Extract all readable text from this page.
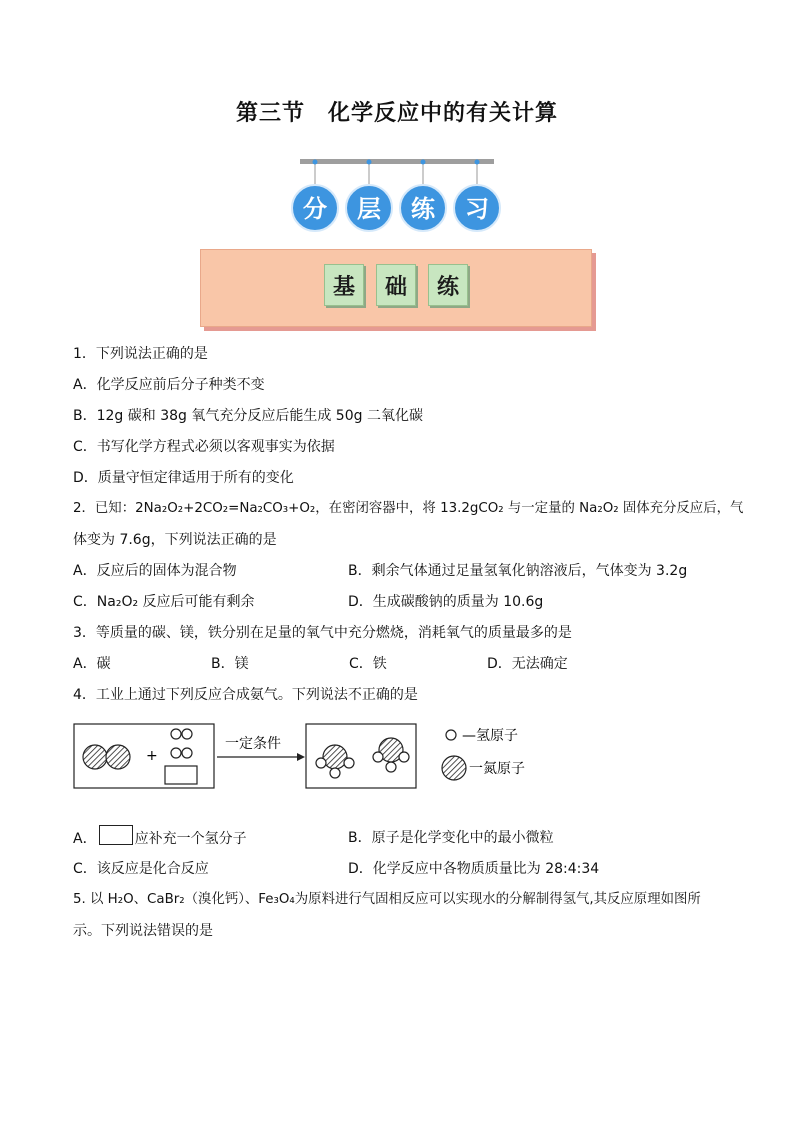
第三节　化学反应中的有关计算
分 层 练 习
基	础	练
1．下列说法正确的是
A．化学反应前后分子种类不变
B．12g 碳和 38g 氧气充分反应后能生成 50g 二氧化碳
C．书写化学方程式必须以客观事实为依据
D．质量守恒定律适用于所有的变化
2．已知：2Na₂O₂+2CO₂=Na₂CO₃+O₂，在密闭容器中，将 13.2gCO₂ 与一定量的 Na₂O₂ 固体充分反应后，气
体变为 7.6g，下列说法正确的是
A．反应后的固体为混合物	B．剩余气体通过足量氢氧化钠溶液后，气体变为 3.2g
C．Na₂O₂ 反应后可能有剩余	D．生成碳酸钠的质量为 10.6g
3．等质量的碳、镁，铁分别在足量的氧气中充分燃烧，消耗氧气的质量最多的是
A．碳	B．镁	C．铁	D．无法确定
4．工业上通过下列反应合成氨气。下列说法不正确的是
+
一定条件	—氢原子
一氮原子
A．	应补充一个氢分子	B．原子是化学变化中的最小微粒
C．该反应是化合反应	D．化学反应中各物质质量比为 28:4:34
5. 以 H₂O、CaBr₂（溴化钙）、Fe₃O₄为原料进行气固相反应可以实现水的分解制得氢气,其反应原理如图所
示。下列说法错误的是
